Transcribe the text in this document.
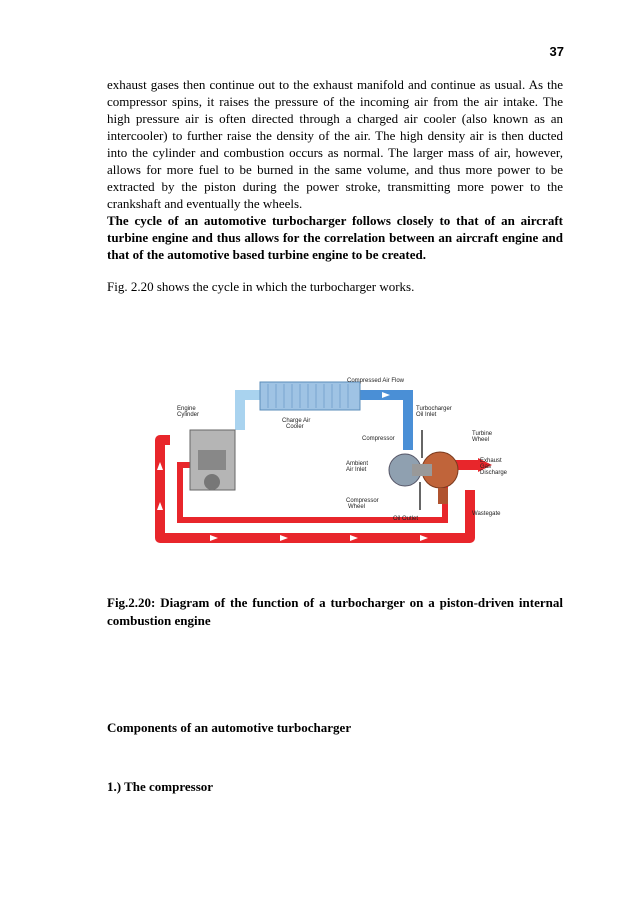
37

exhaust gases then continue out to the exhaust manifold and continue as usual. As the compressor spins, it raises the pressure of the incoming air from the air intake. The high pressure air is often directed through a charged air cooler (also known as an intercooler) to further raise the density of the air. The high density air is then ducted into the cylinder and combustion occurs as normal. The larger mass of air, however, allows for more fuel to be burned in the same volume, and thus more power to be extracted by the piston during the power stroke, transmitting more power to the crankshaft and eventually the wheels.

The cycle of an automotive turbocharger follows closely to that of an aircraft turbine engine and thus allows for the correlation between an aircraft engine and that of the automotive based turbine engine to be created.

Fig. 2.20 shows the cycle in which the turbocharger works.
Engine Cylinder
Compressed Air Flow
Charge Air Cooler
Turbocharger Oil Inlet
Compressor
Turbine Wheel
Ambient Air Inlet
Exhaust Gas Discharge
Compressor Wheel
Wastegate
Oil Outlet
Fig.2.20: Diagram of the function of a turbocharger on a piston-driven internal combustion engine
Components of an automotive turbocharger
1.) The compressor
